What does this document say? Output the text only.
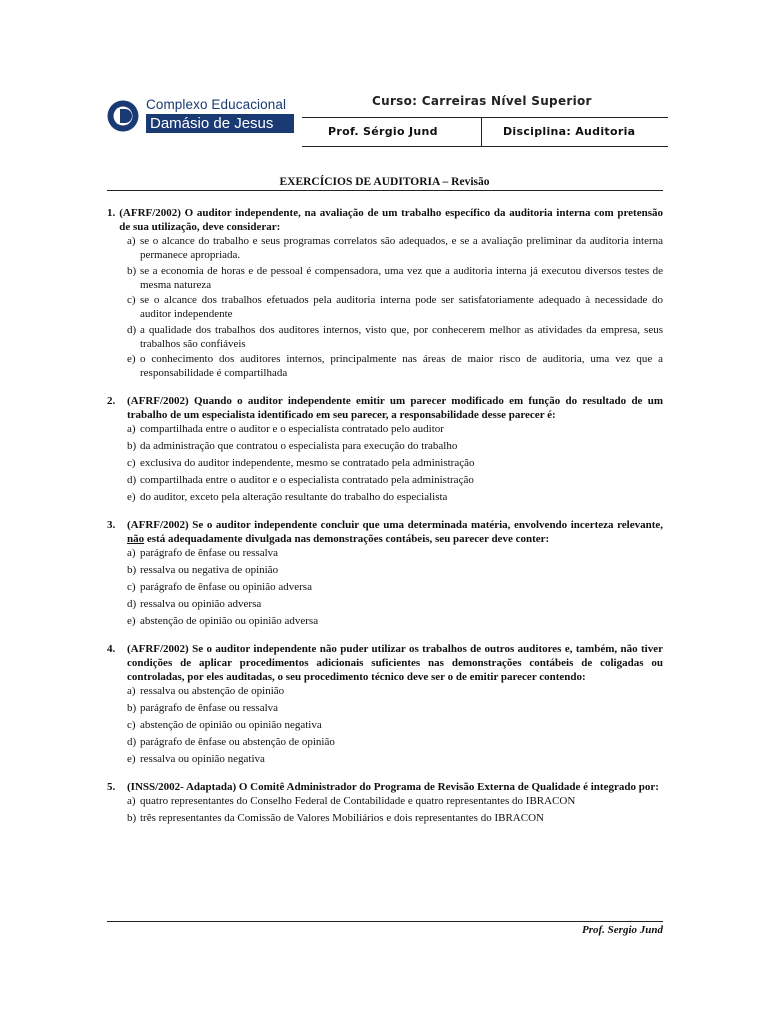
Complexo Educacional
Damásio de Jesus
Curso: Carreiras Nível Superior
Prof. Sérgio Jund	Disciplina: Auditoria
EXERCÍCIOS DE AUDITORIA – Revisão
1. (AFRF/2002) O auditor independente, na avaliação de um trabalho específico da auditoria interna com pretensão de sua utilização, deve considerar:
a) se o alcance do trabalho e seus programas correlatos são adequados, e se a avaliação preliminar da auditoria interna permanece apropriada.
b) se a economia de horas e de pessoal é compensadora, uma vez que a auditoria interna já executou diversos testes de mesma natureza
c) se o alcance dos trabalhos efetuados pela auditoria interna pode ser satisfatoriamente adequado à necessidade do auditor independente
d) a qualidade dos trabalhos dos auditores internos, visto que, por conhecerem melhor as atividades da empresa, seus trabalhos são confiáveis
e) o conhecimento dos auditores internos, principalmente nas áreas de maior risco de auditoria, uma vez que a responsabilidade é compartilhada
2.	(AFRF/2002) Quando o auditor independente emitir um parecer modificado em função do resultado de um trabalho de um especialista identificado em seu parecer, a responsabilidade desse parecer é:
a) compartilhada entre o auditor e o especialista contratado pelo auditor
b) da administração que contratou o especialista para execução do trabalho
c) exclusiva do auditor independente, mesmo se contratado pela administração
d) compartilhada entre o auditor e o especialista contratado pela administração
e) do auditor, exceto pela alteração resultante do trabalho do especialista
3.	(AFRF/2002) Se o auditor independente concluir que uma determinada matéria, envolvendo incerteza relevante, não está adequadamente divulgada nas demonstrações contábeis, seu parecer deve conter:
a) parágrafo de ênfase ou ressalva
b) ressalva ou negativa de opinião
c) parágrafo de ênfase ou opinião adversa
d) ressalva ou opinião adversa
e) abstenção de opinião ou opinião adversa
4.	(AFRF/2002) Se o auditor independente não puder utilizar os trabalhos de outros auditores e, também, não tiver condições de aplicar procedimentos adicionais suficientes nas demonstrações contábeis de coligadas ou controladas, por eles auditadas, o seu procedimento técnico deve ser o de emitir parecer contendo:
a) ressalva ou abstenção de opinião
b) parágrafo de ênfase ou ressalva
c) abstenção de opinião ou opinião negativa
d) parágrafo de ênfase ou abstenção de opinião
e) ressalva ou opinião negativa
5.	(INSS/2002- Adaptada) O Comitê Administrador do Programa de Revisão Externa de Qualidade é integrado por:
a) quatro representantes do Conselho Federal de Contabilidade e quatro representantes do IBRACON
b) três representantes da Comissão de Valores Mobiliários e dois representantes do IBRACON
Prof. Sergio Jund
